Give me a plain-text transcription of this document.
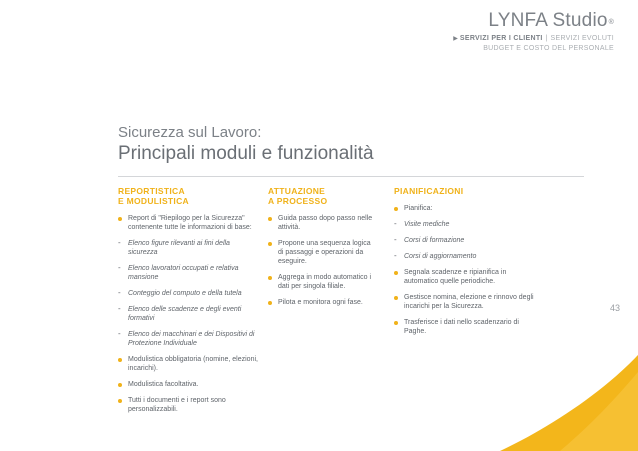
LYNFA Studio®
▶ SERVIZI PER I CLIENTI | SERVIZI EVOLUTI
BUDGET E COSTO DEL PERSONALE
Sicurezza sul Lavoro:
Principali moduli e funzionalità
REPORTISTICA
E MODULISTICA
Report di "Riepilogo per la Sicurezza" contenente tutte le informazioni di base:
Elenco figure rilevanti ai fini della sicurezza
Elenco lavoratori occupati e relativa mansione
Conteggio del computo e della tutela
Elenco delle scadenze e degli eventi formativi
Elenco dei macchinari e dei Dispositivi di Protezione Individuale
Modulistica obbligatoria (nomine, elezioni, incarichi).
Modulistica facoltativa.
Tutti i documenti e i report sono personalizzabili.
ATTUAZIONE
A PROCESSO
Guida passo dopo passo nelle attività.
Propone una sequenza logica di passaggi e operazioni da eseguire.
Aggrega in modo automatico i dati per singola filiale.
Pilota e monitora ogni fase.
PIANIFICAZIONI
Pianifica:
Visite mediche
Corsi di formazione
Corsi di aggiornamento
Segnala scadenze e ripianifica in automatico quelle periodiche.
Gestisce nomina, elezione e rinnovo degli incarichi per la Sicurezza.
Trasferisce i dati nello scadenzario di Paghe.
43
